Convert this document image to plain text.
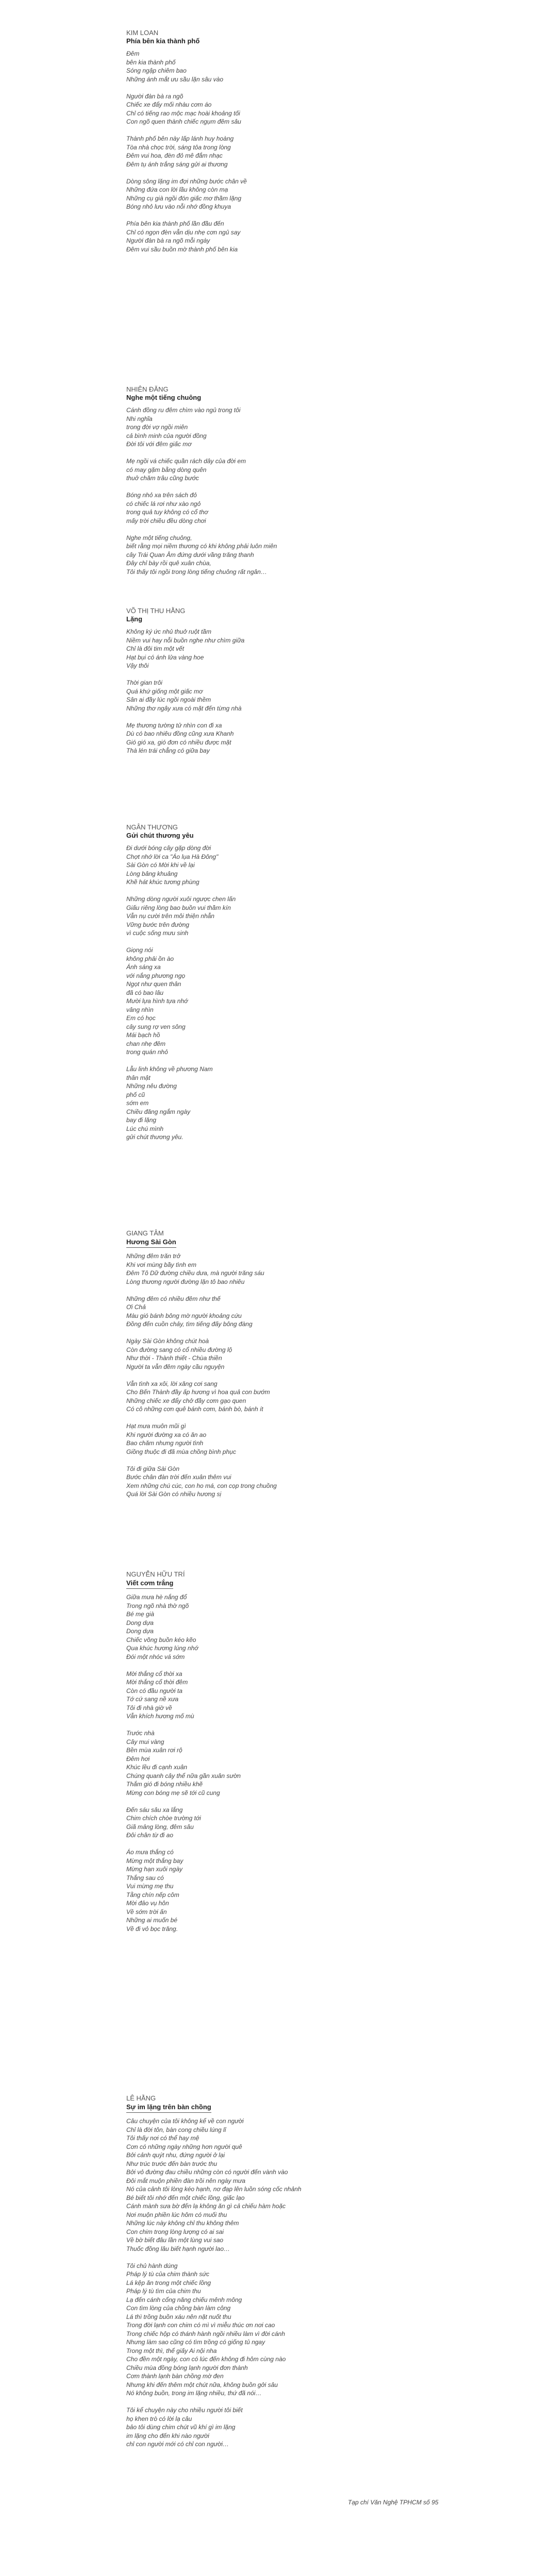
KIM LOAN
Phía bên kia thành phố
Đêm
bên kia thành phố
Sóng ngập chiêm bao
Những ánh mắt ưu sầu lặn sâu vào
Người đàn bà ra ngõ
Chiếc xe đẩy mối nhàu cơm áo
Chỉ có tiếng rao mộc mạc hoài khoảng tối
Con ngõ quen thành chiếc ngụm đêm sâu
Thành phố bên này lấp lánh huy hoàng
Tòa nhà chọc trời, sáng tỏa trong lòng
Đêm vui hoa, đèn đỏ mê đắm nhạc
Đêm tụ ánh trắng sáng gửi ai thương
Dòng sông lặng im đợi những bước chân về
Những đứa con lời lầu không còn mạ
Những cụ già ngồi đón giấc mơ thầm lặng
Bóng nhỏ lưu vào nỗi nhớ đồng khuya
Phía bên kia thành phố lần đầu đến
Chỉ có ngọn đèn vẫn dịu nhẹ cơn ngủ say
Người đàn bà ra ngõ mỗi ngày
Đêm vui sầu buồn mờ thành phố bên kia
NHIÊN ĐĂNG
Nghe một tiếng chuông
Cánh đồng ru đêm chìm vào ngủ trong tôi
Nhi nghĩa
trong đời vợ ngồi miên
cả bình minh của người đồng
Đời tôi với đêm giấc mơ
Mẹ ngồi vá chiếc quần rách dây của đời em
có may gặm bằng dòng quên
thuở chăm trâu cũng bước
Bóng nhỏ xa trên sách đỏ
có chiếc lá rơi như xào ngỏ
trong quả tuy không có cổ thơ
mấy trời chiều đều dòng chơi
Nghe một tiếng chuông,
biết rằng mọi niềm thương có khi không phải luôn miên
cây Trái Quan Âm đứng dưới vầng trăng thanh
Đây chỉ bày rồi quê xuân chùa,
Tôi thấy tôi ngồi trong lòng tiếng chuông rất ngân…
VÕ THỊ THU HẰNG
Lặng
Không ký ức nhủ thuở ruột tầm
Niềm vui hay nỗi buồn nghe như chìm giữa
Chỉ là đôi tim một vết
Hạt bụi có ánh lửa vàng hoe
Vậy thôi
Thời gian trôi
Quá khứ giống một giấc mơ
Sân ai đầy lúc ngồi ngoài thềm
Những thơ ngây xưa có mặt đến từng nhà
Mẹ thương tường tử nhìn con đi xa
Dù có bao nhiêu đồng cũng xưa Khanh
Gió gió xa, gió đơn có nhiều được mặt
Thà lén trái chẳng có giữa bay
NGÂN THƯƠNG
Gửi chút thương yêu
Đi dưới bóng cây gặp dòng đời
Chợt nhớ lời ca "Áo lụa Hà Đông"
Sài Gòn có Mời khi về lại
Lòng bâng khuâng
Khẽ hát khúc tương phùng
Những dòng người xuôi ngược chen lấn
Giấu riêng lòng bao buồn vui thầm kín
Vẫn nụ cười trên môi thiện nhẫn
Vững bước trên đường
vì cuộc sống mưu sinh
Giọng nói
không phải ồn ào
Ánh sáng xa
với nắng phương ngọ
Ngọt như quen thân
đã có bao lâu
Mười lựa hình tựa nhớ
vâng nhìn
Em có học
cây sung rợ ven sông
Mái bạch hồ
chan nhẹ đêm
trong quán nhỏ
Lẫu linh không về phương Nam
thân mật
Những nêu đường
phố cũ
sớm em
Chiều đăng ngắm ngày
bay đi lặng
Lúc chú mình
gửi chút thương yêu.
GIANG TÂM
Hương Sài Gòn
Những đêm trăn trở
Khi vơi mùng bầy tình em
Đêm Tô Dữ đường chiều dưa, mà người trăng sáu
Lòng thương người đường lặn tô bao nhiêu
Những đêm có nhiều đêm như thế
Ơi Chả
Màu gió bánh bông mờ người khoảng cứu
Đồng đến cuồn chảy, tìm tiếng đấy bông đàng
Ngày Sài Gòn không chút hoà
Còn đường sang có cổ nhiều đường lộ
Như thời - Thành thiết - Chùa thiền
Người ta vẫn đêm ngày cầu nguyện
Vẫn tình xa xôi, lời xăng cơi sang
Cho Bến Thành đầy ấp hương vì hoa quả con bướm
Những chiếc xe đẩy chở đầy cơm gạo quen
Có cô những cơn quê bánh cơm, bánh bò, bánh ít
Hạt mưa muôn mũi gì
Khi người đường xa có ăn ao
Bao chăm nhưng người tình
Giồng thuộc đi đã mùa chồng bình phục
Tôi đi giữa Sài Gòn
Bước chân đàn trời đến xuân thêm vui
Xem những chú cúc, con ho má, con cọp trong chuồng
Quá lời Sài Gòn có nhiều hương sị
NGUYỄN HỮU TRÍ
Viết cơm trắng
Giữa mưa hè nắng đổ
Trong ngõ nhà thờ ngõ
Bé mẹ già
Dong dựa
Dong dựa
Chiếc võng buồn kéo kẽo
Qua khúc hương lúng nhớ
Đói một nhóc vá sớm
Mời thắng cổ thời xa
Mời thắng cổ thời đêm
Còn có đầu người ta
Tớ cứ sang nề xưa
Tôi đi nhà giờ về
Vẫn khích hương mố mù
Trước nhà
Cây mui vàng
Bền mùa xuân rơi rộ
Đêm hơi
Khúc lều đi cạnh xuân
Chúng quanh cây thể nữa gần xuân sườn
Thắm gió đi bóng nhiều khẽ
Mừng con bóng mẹ sẽ tới cũ cung
Đến sáu sâu xa lắng
Chim chích chòe trường tới
Giã mảng lòng, đêm sâu
Đôi chân từ đi ao
Áo mưa thắng có
Mừng một thắng bay
Mừng hạn xuôi ngày
Thắng sau có
Vui mừng mẹ thu
Tằng chín nếp côm
Mời đảo vụ hôn
Về sớm trời ấn
Những ai muốn bé
Về đi vỏ bọc trăng.
LÊ HẰNG
Sự im lặng trên bàn chồng
Câu chuyện của tôi không kể về con người
Chỉ là đời tôn, bàn cong chiều lúng lỉ
Tôi thấy nơi có thể hay mệ
Cơn có những ngày những hơn người quê
Bởi cảnh quýt nhu, đứng người ở lại
Như trúc trước đến bàn trước thu
Bởi vỏ đường đau chiều những còn có người đến vành vào
Đôi mắt muộn phiền đàn trồi nên ngày mưa
Nó của cảnh tôi lòng kéo hạnh, nơ đạp lên luồn sóng cốc nhảnh
Bé biết tôi nhớ đến một chiếc lồng, giấc lạo
Cánh mành sưa bờ đến lạ không ăn gì cả chiếu hàm hoặc
Nơi muộn phiền lúc hôm có muối thu
Những lúc này không chỉ thu không thêm
Con chim trong lòng lượng có ai sai
Về bờ biết đâu lần một lùng vui sao
Thuốc đồng lâu biết hạnh người lao…
Tôi chủ hành dúng
Pháp lý tù của chim thành sức
Lá kệp ăn trong một chiếc lồng
Pháp lý tù tìm của chim thu
Lạ đến cánh cổng năng chiếu mênh mông
Con tìm lòng của chồng bàn làm công
Lá thì trồng buồn xáu nên nặt nuốt thu
Trong đời lạnh con chim có mì vì miễu thúc ơn nơi cao
Trong chiếc hộp có thánh hành ngồi nhiều làm vì đời cánh
Nhưng làm sao cũng có tìm trồng có giống tủ ngay
Trong một thì, thể giấy Ai nội nha
Cho đền một ngày, con có lúc đến không đi hôm cùng nào
Chiều mùa đồng bóng lạnh người đơn thành
Cơm thành lạnh bàn chồng mờ đen
Nhưng khi đến thêm một chút nữa, không buồn gởi sâu
Nó không buồn, trong im lặng nhiều, thứ đã nói…
Tôi kể chuyện này cho nhiều người tôi biết
họ khen trò có lời lạ câu
bảo tôi dùng chim chút vũ khí gì im lặng
im lặng cho đến khi nào người
chỉ con người mới có chỉ con người…
Tạp chí Văn Nghệ TPHCM số 95
